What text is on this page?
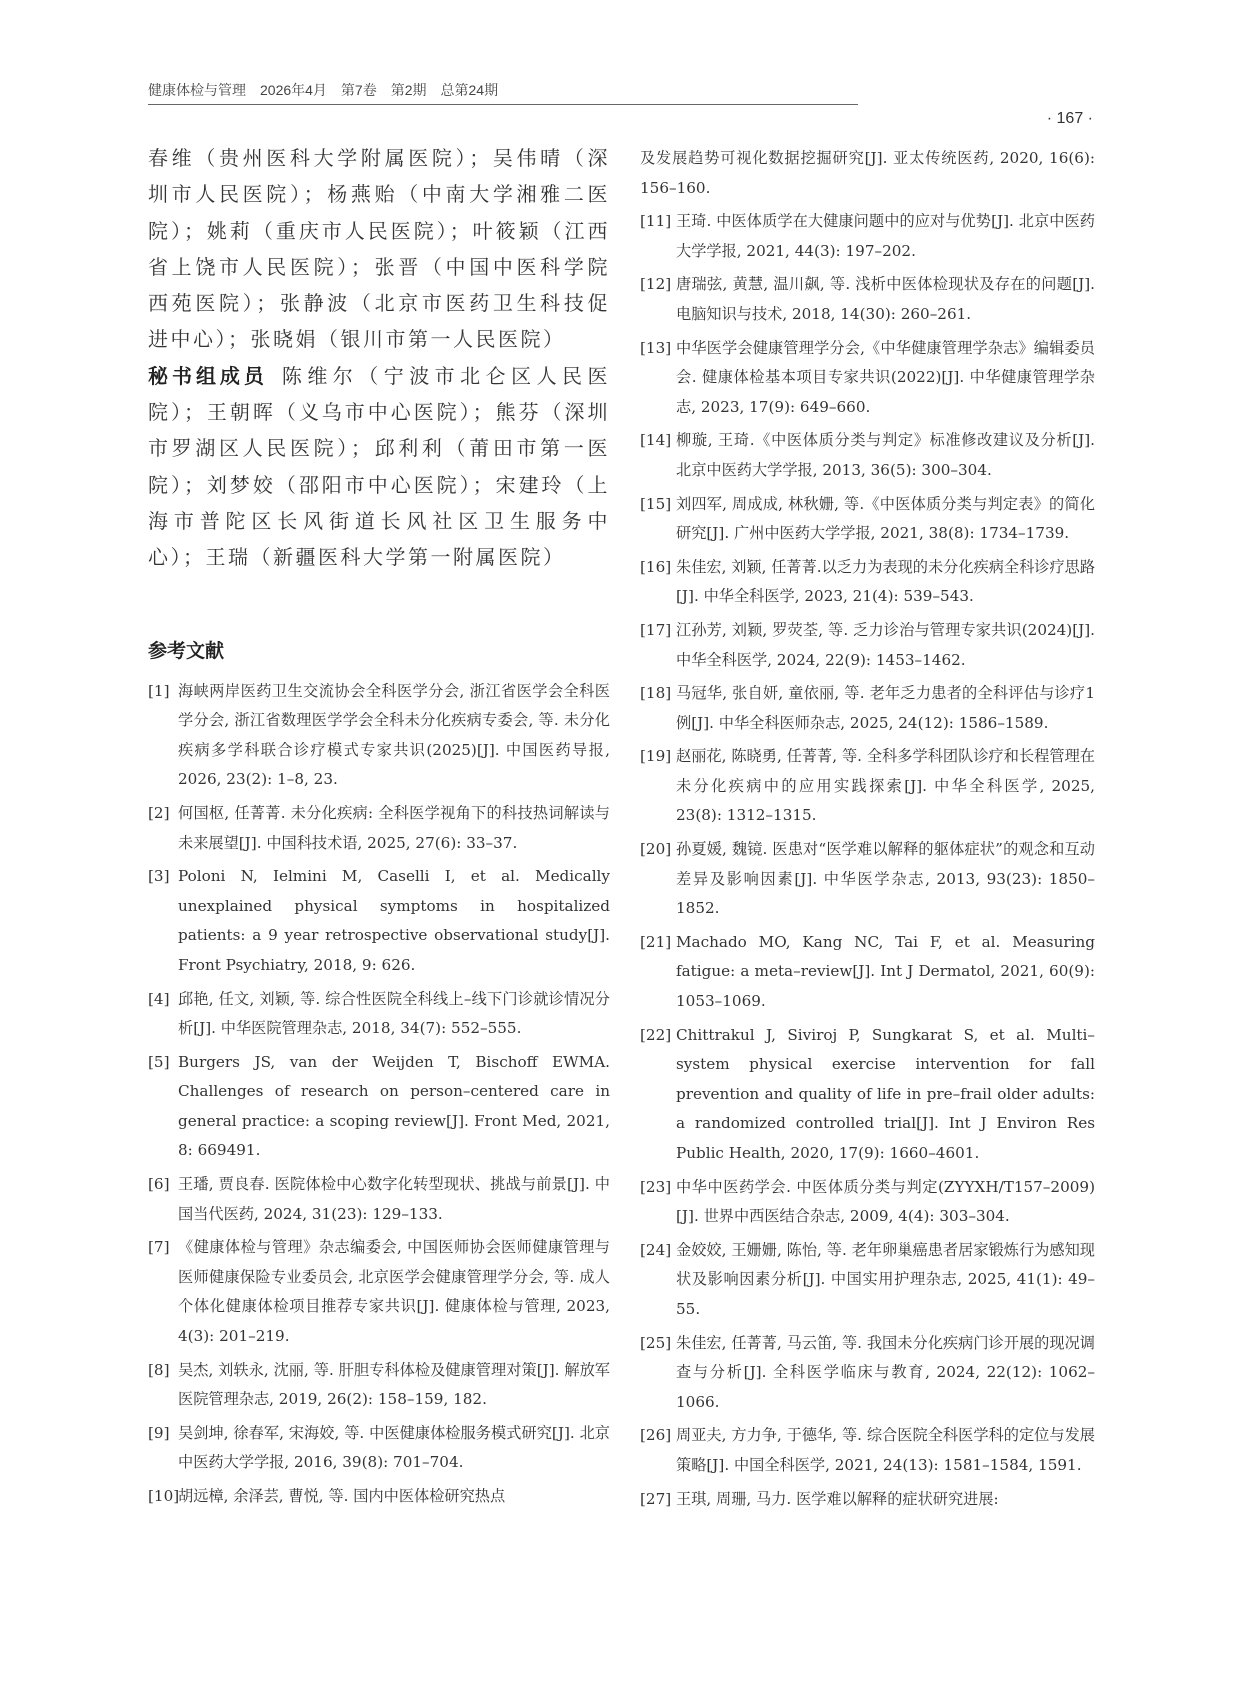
健康体检与管理　2026年4月　第7卷　第2期　总第24期
· 167 ·

春维（贵州医科大学附属医院）；吴伟晴（深圳市人民医院）；杨燕贻（中南大学湘雅二医院）；姚莉（重庆市人民医院）；叶筱颖（江西省上饶市人民医院）；张晋（中国中医科学院西苑医院）；张静波（北京市医药卫生科技促进中心）；张晓娟（银川市第一人民医院）

秘书组成员 陈维尔（宁波市北仑区人民医院）；王朝晖（义乌市中心医院）；熊芬（深圳市罗湖区人民医院）；邱利利（莆田市第一医院）；刘梦姣（邵阳市中心医院）；宋建玲（上海市普陀区长风街道长风社区卫生服务中心）；王瑞（新疆医科大学第一附属医院）

参考文献
[1] 海峡两岸医药卫生交流协会全科医学分会, 浙江省医学会全科医学分会, 浙江省数理医学学会全科未分化疾病专委会, 等. 未分化疾病多学科联合诊疗模式专家共识(2025)[J]. 中国医药导报, 2026, 23(2): 1–8, 23.
[2] 何国枢, 任菁菁. 未分化疾病: 全科医学视角下的科技热词解读与未来展望[J]. 中国科技术语, 2025, 27(6): 33–37.
[3] Poloni N, Ielmini M, Caselli I, et al. Medically unexplained physical symptoms in hospitalized patients: a 9 year retrospective observational study[J]. Front Psychiatry, 2018, 9: 626.
[4] 邱艳, 任文, 刘颖, 等. 综合性医院全科线上–线下门诊就诊情况分析[J]. 中华医院管理杂志, 2018, 34(7): 552–555.
[5] Burgers JS, van der Weijden T, Bischoff EWMA. Challenges of research on person–centered care in general practice: a scoping review[J]. Front Med, 2021, 8: 669491.
[6] 王璠, 贾良春. 医院体检中心数字化转型现状、挑战与前景[J]. 中国当代医药, 2024, 31(23): 129–133.
[7] 《健康体检与管理》杂志编委会, 中国医师协会医师健康管理与医师健康保险专业委员会, 北京医学会健康管理学分会, 等. 成人个体化健康体检项目推荐专家共识[J]. 健康体检与管理, 2023, 4(3): 201–219.
[8] 吴杰, 刘轶永, 沈丽, 等. 肝胆专科体检及健康管理对策[J]. 解放军医院管理杂志, 2019, 26(2): 158–159, 182.
[9] 吴剑坤, 徐春军, 宋海姣, 等. 中医健康体检服务模式研究[J]. 北京中医药大学学报, 2016, 39(8): 701–704.
[10]
胡远樟, 余泽芸, 曹悦, 等. 国内中医体检研究热点
及发展趋势可视化数据挖掘研究[J]. 亚太传统医药, 2020, 16(6): 156–160.
[11] 王琦. 中医体质学在大健康问题中的应对与优势[J]. 北京中医药大学学报, 2021, 44(3): 197–202.
[12] 唐瑞弦, 黄慧, 温川飙, 等. 浅析中医体检现状及存在的问题[J]. 电脑知识与技术, 2018, 14(30): 260–261.
[13] 中华医学会健康管理学分会,《中华健康管理学杂志》编辑委员会. 健康体检基本项目专家共识(2022)[J]. 中华健康管理学杂志, 2023, 17(9): 649–660.
[14] 柳璇, 王琦.《中医体质分类与判定》标准修改建议及分析[J]. 北京中医药大学学报, 2013, 36(5): 300–304.
[15] 刘四军, 周成成, 林秋姗, 等.《中医体质分类与判定表》的简化研究[J]. 广州中医药大学学报, 2021, 38(8): 1734–1739.
[16] 朱佳宏, 刘颖, 任菁菁.以乏力为表现的未分化疾病全科诊疗思路[J]. 中华全科医学, 2023, 21(4): 539–543.
[17] 江孙芳, 刘颖, 罗荧荃, 等. 乏力诊治与管理专家共识(2024)[J]. 中华全科医学, 2024, 22(9): 1453–1462.
[18] 马冠华, 张自妍, 童依丽, 等. 老年乏力患者的全科评估与诊疗1例[J]. 中华全科医师杂志, 2025, 24(12): 1586–1589.
[19] 赵丽花, 陈晓勇, 任菁菁, 等. 全科多学科团队诊疗和长程管理在未分化疾病中的应用实践探索[J]. 中华全科医学, 2025, 23(8): 1312–1315.
[20] 孙夏媛, 魏镜. 医患对“医学难以解释的躯体症状”的观念和互动差异及影响因素[J]. 中华医学杂志, 2013, 93(23): 1850–1852.
[21] Machado MO, Kang NC, Tai F, et al. Measuring fatigue: a meta–review[J]. Int J Dermatol, 2021, 60(9): 1053–1069.
[22] Chittrakul J, Siviroj P, Sungkarat S, et al. Multi–system physical exercise intervention for fall prevention and quality of life in pre–frail older adults: a randomized controlled trial[J]. Int J Environ Res Public Health, 2020, 17(9): 1660–4601.
[23] 中华中医药学会. 中医体质分类与判定(ZYYXH/T157–2009)[J]. 世界中西医结合杂志, 2009, 4(4): 303–304.
[24] 金姣姣, 王姗姗, 陈怡, 等. 老年卵巢癌患者居家锻炼行为感知现状及影响因素分析[J]. 中国实用护理杂志, 2025, 41(1): 49–55.
[25] 朱佳宏, 任菁菁, 马云笛, 等. 我国未分化疾病门诊开展的现况调查与分析[J]. 全科医学临床与教育, 2024, 22(12): 1062–1066.
[26] 周亚夫, 方力争, 于德华, 等. 综合医院全科医学科的定位与发展策略[J]. 中国全科医学, 2021, 24(13): 1581–1584, 1591.
[27] 王琪, 周珊, 马力. 医学难以解释的症状研究进展:
